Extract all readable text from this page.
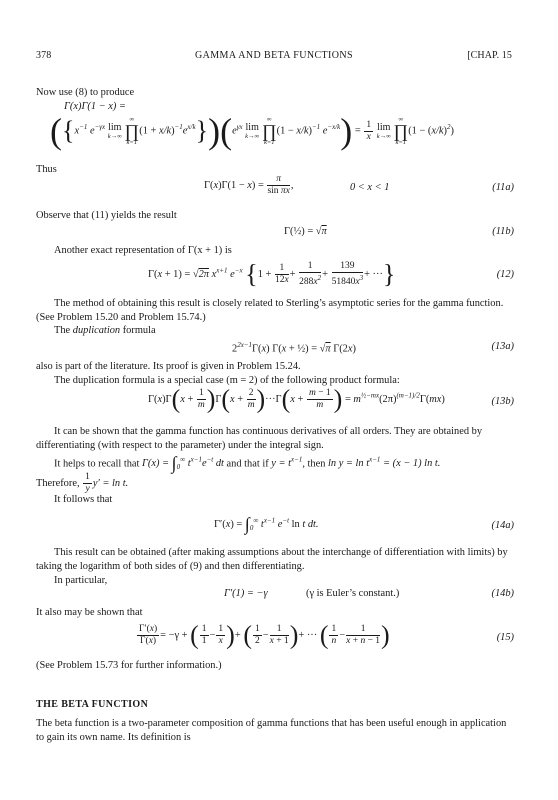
378	GAMMA AND BETA FUNCTIONS	[CHAP. 15
Now use (8) to produce
Γ(x)Γ(1 − x) =
({$x^{-1}$ $e^{-\gamma x}$ lim
k→∞

∞
∏
k=1
$(1 + x/k)^{-1}e^{x/k}\})(e^{\gamma x}$ lim
k→∞

∞
∏
k=1
$(1 - x/k)^{-1}$ $e^{-x/k}) = \frac{1}{x}$
lim
k→∞

∞
∏
k=1
$(1 - (x/k)^2)$
Thus
$\Gamma(x)\Gamma(1 - x) = \frac{\pi}{\text{sin πx}}$ ,	0 < x < 1	(11a)
Observe that (11) yields the result
Γ(½) = √π	(11b)
Another exact representation of Γ(x + 1) is
Γ(x + 1) = √2π $x^{x+1}$ $e^{-x}$ {$1 + \frac{1}{12x} + \frac{1}{288x^2} + \frac{139}{51840x^3}$ + ···}	(12)
The method of obtaining this result is closely related to Sterling’s asymptotic series for the gamma function. (See Problem 15.20 and Problem 15.74.)
The duplication formula
$2^{2x-1}\Gamma(x) \Gamma(x$ + ½) = √π Γ(2x)	(13a)
also is part of the literature. Its proof is given in Problem 15.24.
The duplication formula is a special case (m = 2) of the following product formula:
$\Gamma(x)\Gamma(x + \frac{1}{m} )\Gamma(x + \frac{2}{m} )\cdot\cdot\cdot\Gamma(x + \frac{m - 1}{m}$ ) = $m^{\frac{1}{2}-mx}(2\pi)^{(m-1)/2}\Gamma(mx)$	(13b)
It can be shown that the gamma function has continuous derivatives of all orders. They are obtained by differentiating (with respect to the parameter) under the integral sign.
It helps to recall that $\Gamma(x) = \int_0^\infty$ $t^{x-1}e^{-t}$ dt and that if $y = t^{x-1}$, then $\ln y = \ln t^{x-1} = (x - 1)$ ln t.
Therefore, $\frac{1}{y} y' = \ln t$.
It follows that
$\Gamma'(x) = \int_0^\infty$ $t^{x-1}$ $e^{-t}$ ln t dt.	(14a)
This result can be obtained (after making assumptions about the interchange of differentiation with limits) by taking the logarithm of both sides of (9) and then differentiating.
In particular,
Γ′(1) = −γ	(γ is Euler’s constant.)	(14b)
It also may be shown that
$\frac{\Gamma'(x)}{\Gamma(x)} = -\gamma$ + ( $\frac{1}{1} - \frac{1}{x}$ )+ ( $\frac{1}{2} - \frac{1}{x + 1}$ )+ ··· ( $\frac{1}{n} - \frac{1}{x + n - 1}$ )	(15)
(See Problem 15.73 for further information.)
THE BETA FUNCTION
The beta function is a two-parameter composition of gamma functions that has been useful enough in application to gain its own name. Its definition is
